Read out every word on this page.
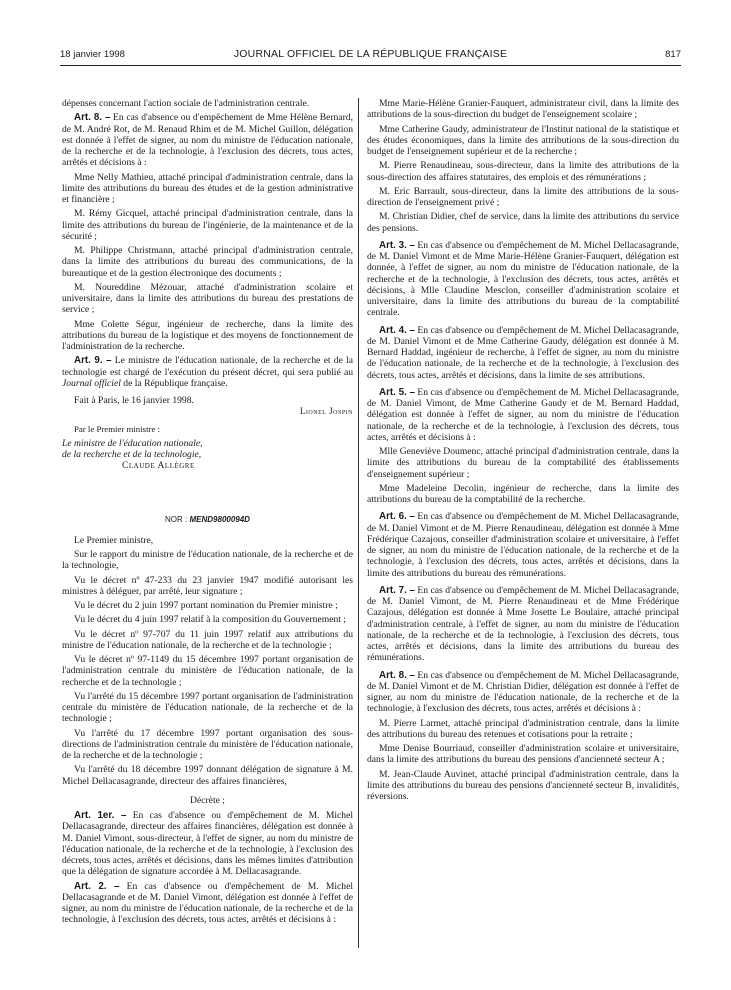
18 janvier 1998	JOURNAL OFFICIEL DE LA RÉPUBLIQUE FRANÇAISE	817

dépenses concernant l'action sociale de l'administration centrale.

Art. 8. – En cas d'absence ou d'empêchement de Mme Hélène Bernard, de M. André Rot, de M. Renaud Rhim et de M. Michel Guillon, délégation est donnée à l'effet de signer, au nom du ministre de l'éducation nationale, de la recherche et de la technologie, à l'exclusion des décrets, tous actes, arrêtés et décisions à :

Mme Nelly Mathieu, attaché principal d'administration centrale, dans la limite des attributions du bureau des études et de la gestion administrative et financière ;

M. Rémy Gicquel, attaché principal d'administration centrale, dans la limite des attributions du bureau de l'ingénierie, de la maintenance et de la sécurité ;

M. Philippe Christmann, attaché principal d'administration centrale, dans la limite des attributions du bureau des communications, de la bureautique et de la gestion électronique des documents ;

M. Noureddine Mézouar, attaché d'administration scolaire et universitaire, dans la limite des attributions du bureau des prestations de service ;

Mme Colette Ségur, ingénieur de recherche, dans la limite des attributions du bureau de la logistique et des moyens de fonctionnement de l'administration de la recherche.

Art. 9. – Le ministre de l'éducation nationale, de la recherche et de la technologie est chargé de l'exécution du présent décret, qui sera publié au Journal officiel de la République française.

Fait à Paris, le 16 janvier 1998.

Lionel Jospin

Par le Premier ministre :

Le ministre de l'éducation nationale,

de la recherche et de la technologie,

Claude Allègre

NOR : MEND9800094D

Le Premier ministre,

Sur le rapport du ministre de l'éducation nationale, de la recherche et de la technologie,

Vu le décret nº 47-233 du 23 janvier 1947 modifié autorisant les ministres à déléguer, par arrêté, leur signature ;

Vu le décret du 2 juin 1997 portant nomination du Premier ministre ;

Vu le décret du 4 juin 1997 relatif à la composition du Gouvernement ;

Vu le décret nº 97-707 du 11 juin 1997 relatif aux attributions du ministre de l'éducation nationale, de la recherche et de la technologie ;

Vu le décret nº 97-1149 du 15 décembre 1997 portant organisation de l'administration centrale du ministère de l'éducation nationale, de la recherche et de la technologie ;

Vu l'arrêté du 15 décembre 1997 portant organisation de l'administration centrale du ministère de l'éducation nationale, de la recherche et de la technologie ;

Vu l'arrêté du 17 décembre 1997 portant organisation des sous-directions de l'administration centrale du ministère de l'éducation nationale, de la recherche et de la technologie ;

Vu l'arrêté du 18 décembre 1997 donnant délégation de signature à M. Michel Dellacasagrande, directeur des affaires financières,

Décrète ;

Art. 1er. – En cas d'absence ou d'empêchement de M. Michel Dellacasagrande, directeur des affaires financières, délégation est donnée à M. Daniel Vimont, sous-directeur, à l'effet de signer, au nom du ministre de l'éducation nationale, de la recherche et de la technologie, à l'exclusion des décrets, tous actes, arrêtés et décisions, dans les mêmes limites d'attribution que la délégation de signature accordée à M. Dellacasagrande.

Art. 2. – En cas d'absence ou d'empêchement de M. Michel Dellacasagrande et de M. Daniel Vimont, délégation est donnée à l'effet de signer, au nom du ministre de l'éducation nationale, de la recherche et de la technologie, à l'exclusion des décrets, tous actes, arrêtés et décisions à :

Mme Marie-Hélène Granier-Fauquert, administrateur civil, dans la limite des attributions de la sous-direction du budget de l'enseignement scolaire ;

Mme Catherine Gaudy, administrateur de l'Institut national de la statistique et des études économiques, dans la limite des attributions de la sous-direction du budget de l'enseignement supérieur et de la recherche ;

M. Pierre Renaudineau, sous-directeur, dans la limite des attributions de la sous-direction des affaires statutaires, des emplois et des rémunérations ;

M. Eric Barrault, sous-directeur, dans la limite des attributions de la sous-direction de l'enseignement privé ;

M. Christian Didier, chef de service, dans la limite des attributions du service des pensions.

Art. 3. – En cas d'absence ou d'empêchement de M. Michel Dellacasagrande, de M. Daniel Vimont et de Mme Marie-Hélène Granier-Fauquert, délégation est donnée, à l'effet de signer, au nom du ministre de l'éducation nationale, de la recherche et de la technologie, à l'exclusion des décrets, tous actes, arrêtés et décisions, à Mlle Claudine Mesclon, conseiller d'administration scolaire et universitaire, dans la limite des attributions du bureau de la comptabilité centrale.

Art. 4. – En cas d'absence ou d'empêchement de M. Michel Dellacasagrande, de M. Daniel Vimont et de Mme Catherine Gaudy, délégation est donnée à M. Bernard Haddad, ingénieur de recherche, à l'effet de signer, au nom du ministre de l'éducation nationale, de la recherche et de la technologie, à l'exclusion des décrets, tous actes, arrêtés et décisions, dans la limite de ses attributions.

Art. 5. – En cas d'absence ou d'empêchement de M. Michel Dellacasagrande, de M. Daniel Vimont, de Mme Catherine Gaudy et de M. Bernard Haddad, délégation est donnée à l'effet de signer, au nom du ministre de l'éducation nationale, de la recherche et de la technologie, à l'exclusion des décrets, tous actes, arrêtés et décisions à :

Mlle Geneviève Doumenc, attaché principal d'administration centrale, dans la limite des attributions du bureau de la comptabilité des établissements d'enseignement supérieur ;

Mme Madeleine Decolin, ingénieur de recherche, dans la limite des attributions du bureau de la comptabilité de la recherche.

Art. 6. – En cas d'absence ou d'empêchement de M. Michel Dellacasagrande, de M. Daniel Vimont et de M. Pierre Renaudineau, délégation est donnée à Mme Frédérique Cazajous, conseiller d'administration scolaire et universitaire, à l'effet de signer, au nom du ministre de l'éducation nationale, de la recherche et de la technologie, à l'exclusion des décrets, tous actes, arrêtés et décisions, dans la limite des attributions du bureau des rémunérations.

Art. 7. – En cas d'absence ou d'empêchement de M. Michel Dellacasagrande, de M. Daniel Vimont, de M. Pierre Renaudineau et de Mme Frédérique Cazajous, délégation est donnée à Mme Josette Le Boulaire, attaché principal d'administration centrale, à l'effet de signer, au nom du ministre de l'éducation nationale, de la recherche et de la technologie, à l'exclusion des décrets, tous actes, arrêtés et décisions, dans la limite des attributions du bureau des rémunérations.

Art. 8. – En cas d'absence ou d'empêchement de M. Michel Dellacasagrande, de M. Daniel Vimont et de M. Christian Didier, délégation est donnée à l'effet de signer, au nom du ministre de l'éducation nationale, de la recherche et de la technologie, à l'exclusion des décrets, tous actes, arrêtés et décisions à :

M. Pierre Larmet, attaché principal d'administration centrale, dans la limite des attributions du bureau des retenues et cotisations pour la retraite ;

Mme Denise Bourriaud, conseiller d'administration scolaire et universitaire, dans la limite des attributions du bureau des pensions d'ancienneté secteur A ;

M. Jean-Claude Auvinet, attaché principal d'administration centrale, dans la limite des attributions du bureau des pensions d'ancienneté secteur B, invalidités, réversions.
